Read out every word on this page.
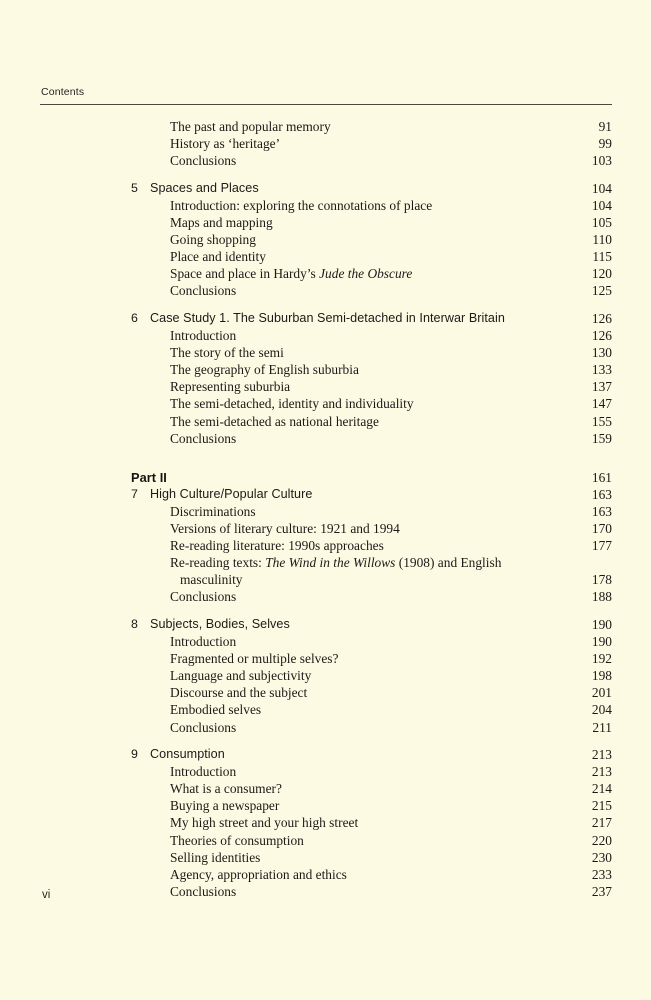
Contents
The past and popular memory	91
History as ‘heritage’	99
Conclusions	103
5 Spaces and Places	104
Introduction: exploring the connotations of place	104
Maps and mapping	105
Going shopping	110
Place and identity	115
Space and place in Hardy’s Jude the Obscure	120
Conclusions	125
6 Case Study 1. The Suburban Semi-detached in Interwar Britain	126
Introduction	126
The story of the semi	130
The geography of English suburbia	133
Representing suburbia	137
The semi-detached, identity and individuality	147
The semi-detached as national heritage	155
Conclusions	159
Part II	161
7 High Culture/Popular Culture	163
Discriminations	163
Versions of literary culture: 1921 and 1994	170
Re-reading literature: 1990s approaches	177
Re-reading texts: The Wind in the Willows (1908) and English
masculinity	178
Conclusions	188
8 Subjects, Bodies, Selves	190
Introduction	190
Fragmented or multiple selves?	192
Language and subjectivity	198
Discourse and the subject	201
Embodied selves	204
Conclusions	211
9 Consumption	213
Introduction	213
What is a consumer?	214
Buying a newspaper	215
My high street and your high street	217
Theories of consumption	220
Selling identities	230
Agency, appropriation and ethics	233
Conclusions	237
vi
